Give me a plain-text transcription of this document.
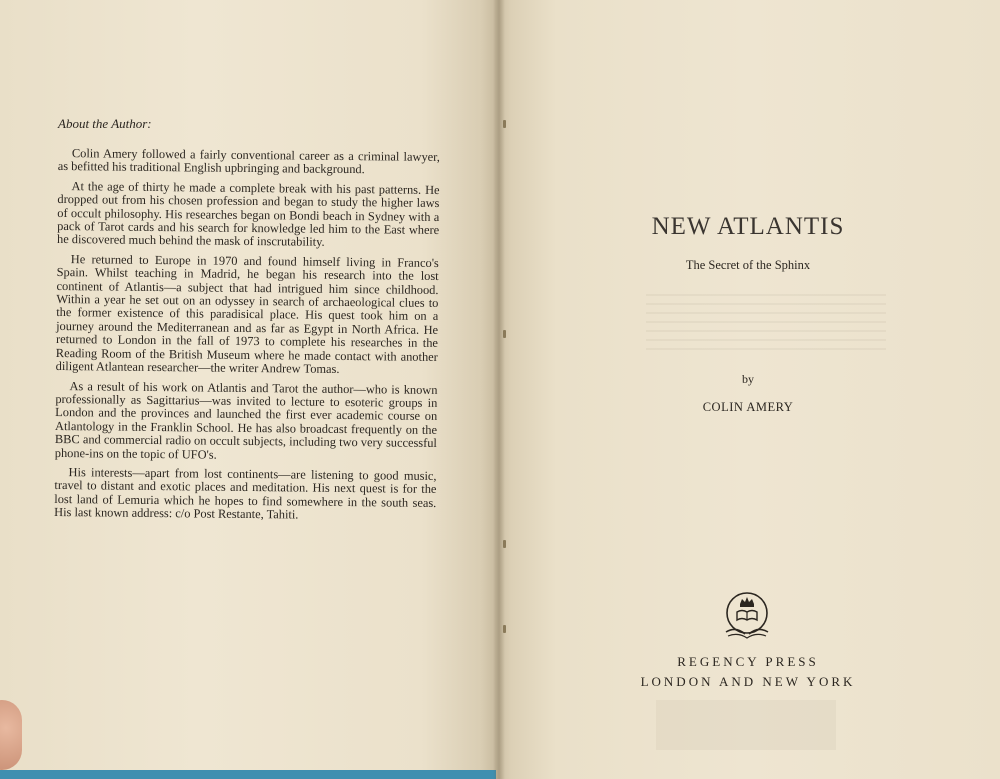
About the Author:

Colin Amery followed a fairly conventional career as a criminal lawyer, as befitted his traditional English upbringing and background.

At the age of thirty he made a complete break with his past patterns. He dropped out from his chosen profession and began to study the higher laws of occult philosophy. His researches began on Bondi beach in Sydney with a pack of Tarot cards and his search for knowledge led him to the East where he discovered much behind the mask of inscrutability.

He returned to Europe in 1970 and found himself living in Franco's Spain. Whilst teaching in Madrid, he began his research into the lost continent of Atlantis—a subject that had intrigued him since childhood. Within a year he set out on an odyssey in search of archaeological clues to the former existence of this paradisical place. His quest took him on a journey around the Mediterranean and as far as Egypt in North Africa. He returned to London in the fall of 1973 to complete his researches in the Reading Room of the British Museum where he made contact with another diligent Atlantean researcher—the writer Andrew Tomas.

As a result of his work on Atlantis and Tarot the author—who is known professionally as Sagittarius—was invited to lecture to esoteric groups in London and the provinces and launched the first ever academic course on Atlantology in the Franklin School. He has also broadcast frequently on the BBC and commercial radio on occult subjects, including two very successful phone-ins on the topic of UFO's.

His interests—apart from lost continents—are listening to good music, travel to distant and exotic places and meditation. His next quest is for the lost land of Lemuria which he hopes to find somewhere in the south seas. His last known address: c/o Post Restante, Tahiti.

NEW ATLANTIS
The Secret of the Sphinx
by
COLIN AMERY
REGENCY PRESS
LONDON AND NEW YORK
